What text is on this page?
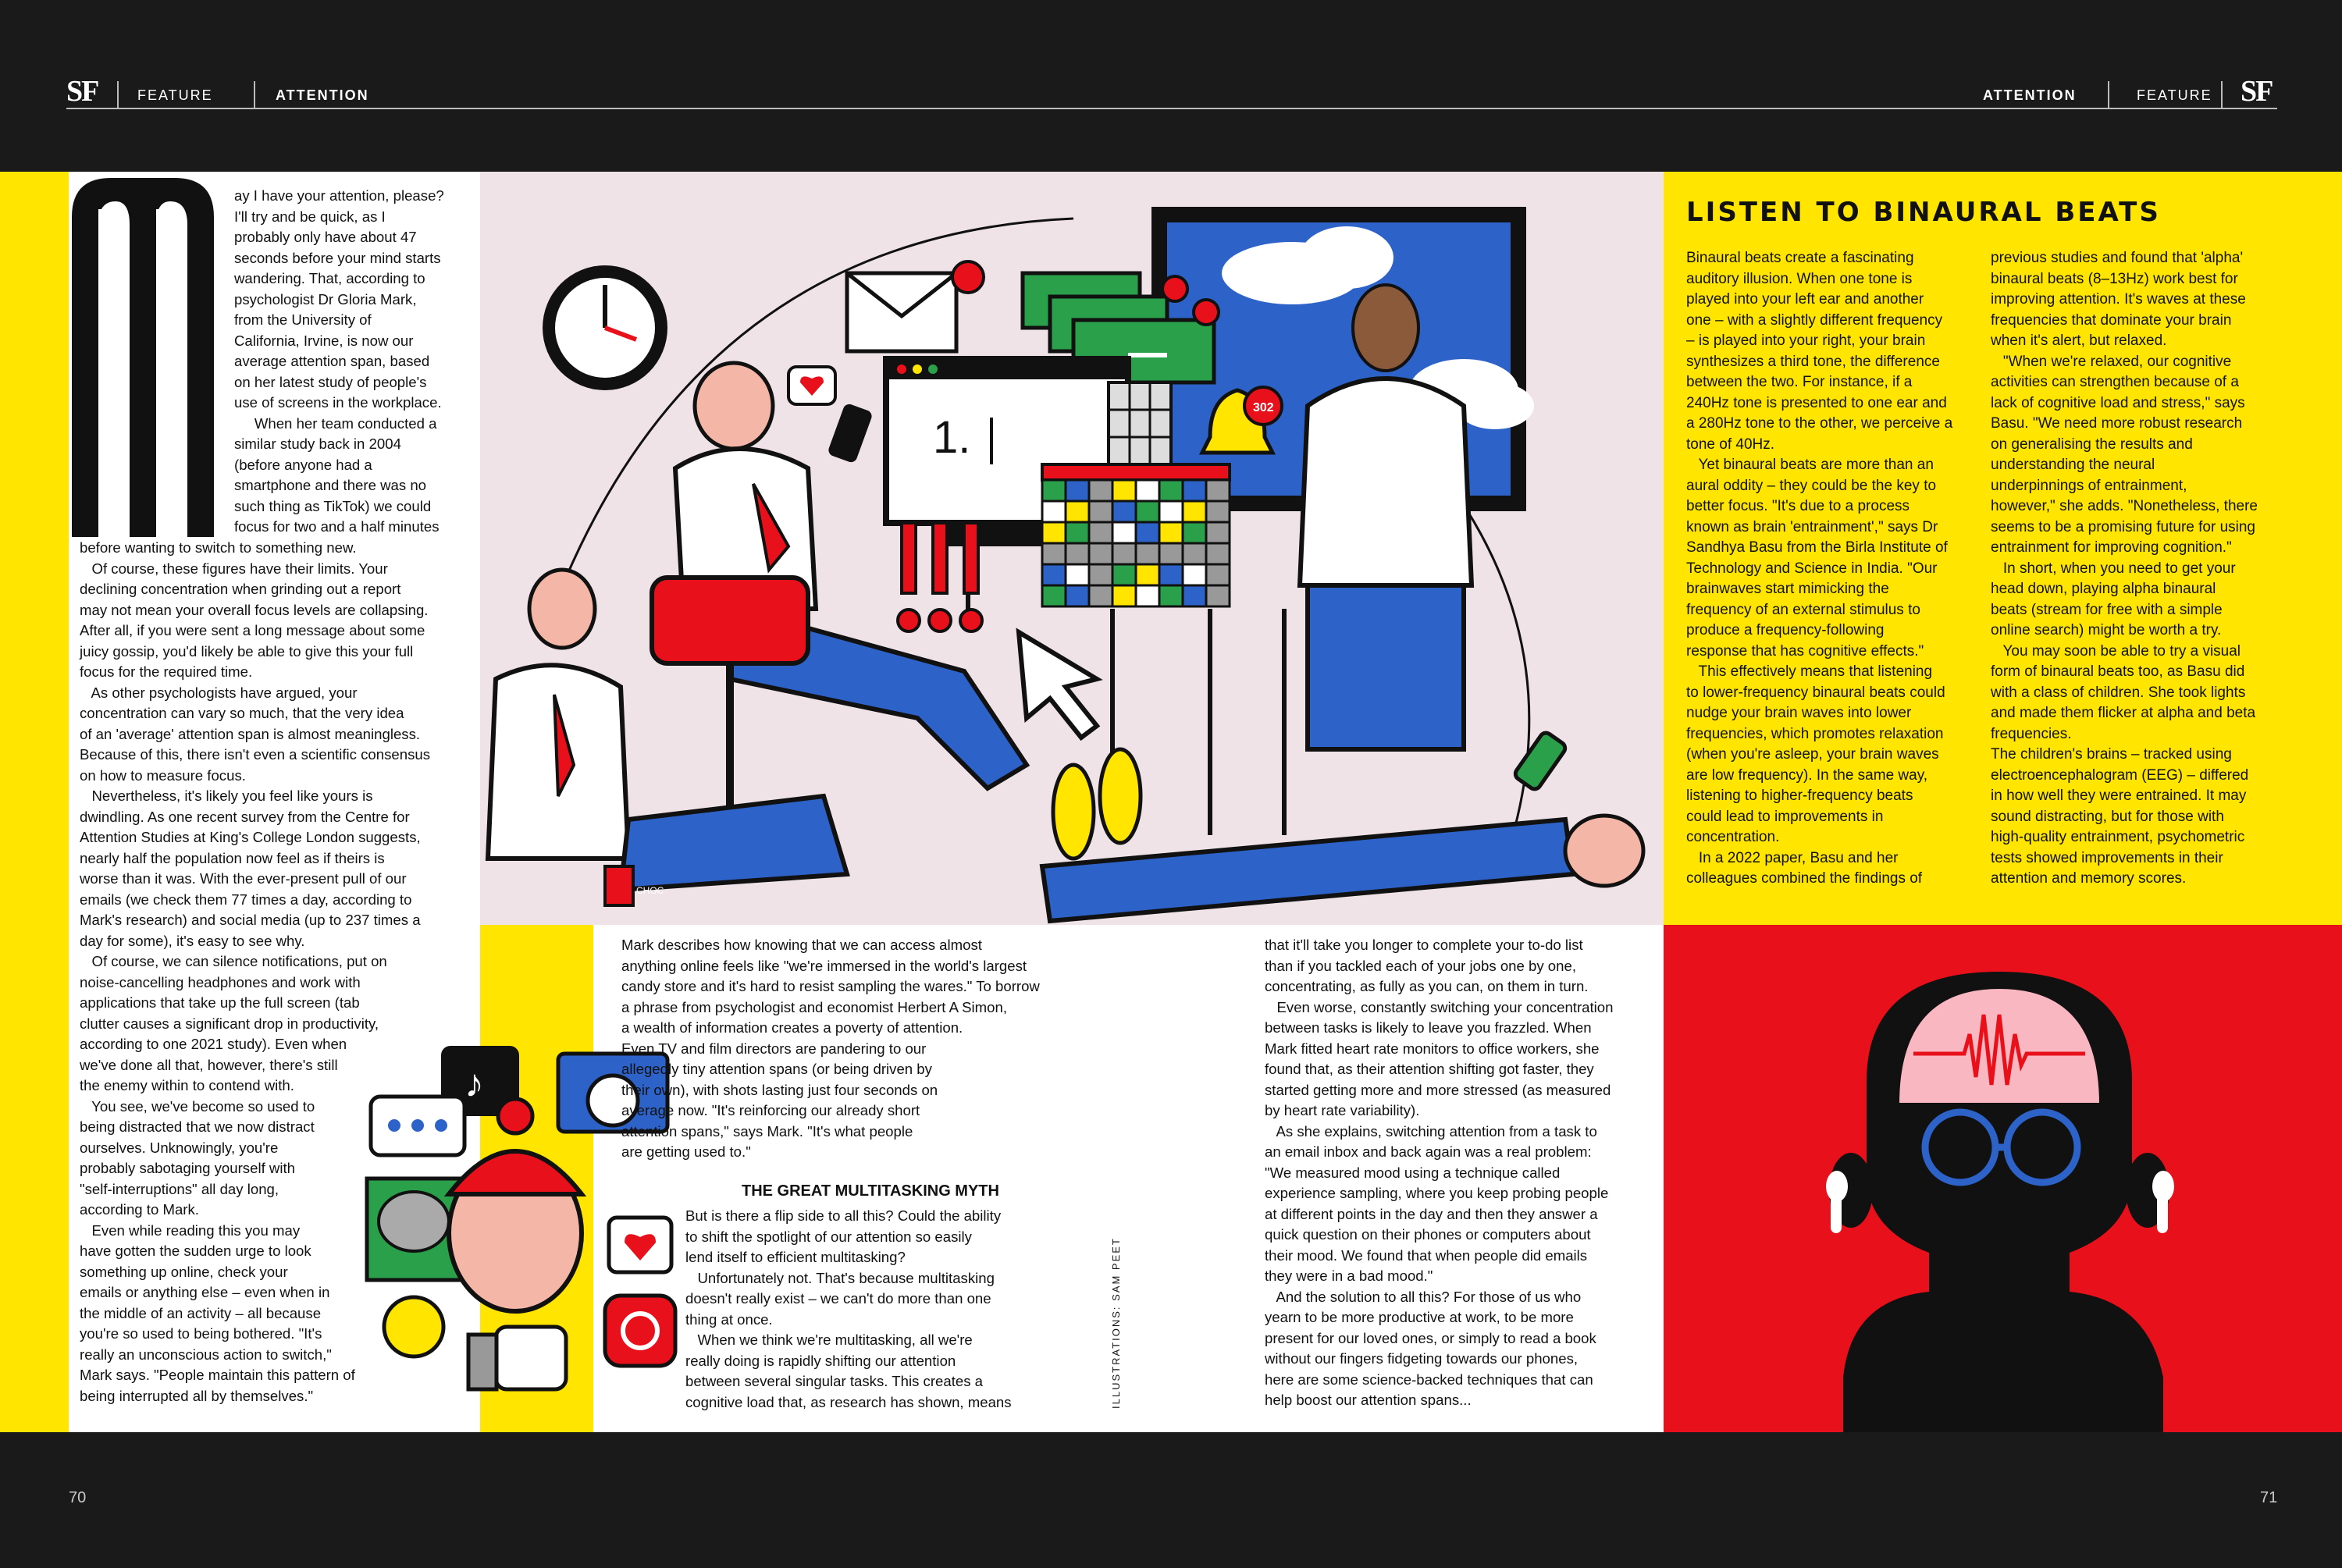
SF	FEATURE	ATTENTION	ATTENTION	FEATURE SF
M
ay I have your attention, please?
I'll try and be quick, as I
probably only have about 47
seconds before your mind starts
wandering. That, according to
psychologist Dr Gloria Mark,
from the University of
California, Irvine, is now our
average attention span, based
on her latest study of people's
use of screens in the workplace.
When her team conducted a
similar study back in 2004
(before anyone had a
smartphone and there was no
such thing as TikTok) we could
focus for two and a half minutes
before wanting to switch to something new.
Of course, these figures have their limits. Your
declining concentration when grinding out a report
may not mean your overall focus levels are collapsing.
After all, if you were sent a long message about some
juicy gossip, you'd likely be able to give this your full
focus for the required time.
As other psychologists have argued, your
concentration can vary so much, that the very idea
of an 'average' attention span is almost meaningless.
Because of this, there isn't even a scientific consensus
on how to measure focus.
Nevertheless, it's likely you feel like yours is
dwindling. As one recent survey from the Centre for
Attention Studies at King's College London suggests,
nearly half the population now feel as if theirs is
worse than it was. With the ever-present pull of our
emails (we check them 77 times a day, according to
Mark's research) and social media (up to 237 times a
day for some), it's easy to see why.
Of course, we can silence notifications, put on
noise-cancelling headphones and work with
applications that take up the full screen (tab
clutter causes a significant drop in productivity,
according to one 2021 study). Even when
we've done all that, however, there's still
the enemy within to contend with.
You see, we've become so used to
being distracted that we now distract
ourselves. Unknowingly, you're
probably sabotaging yourself with
"self-interruptions" all day long,
according to Mark.
Even while reading this you may
have gotten the sudden urge to look
something up online, check your
emails or anything else – even when in
the middle of an activity – all because
you're so used to being bothered. "It's
really an unconscious action to switch,"
Mark says. "People maintain this pattern of
being interrupted all by themselves."
1.
302
CHOC
LISTEN TO BINAURAL BEATS
Binaural beats create a fascinating
auditory illusion. When one tone is
played into your left ear and another
one – with a slightly different frequency
– is played into your right, your brain
synthesizes a third tone, the difference
between the two. For instance, if a
240Hz tone is presented to one ear and
a 280Hz tone to the other, we perceive a
tone of 40Hz.
Yet binaural beats are more than an
aural oddity – they could be the key to
better focus. "It's due to a process
known as brain 'entrainment'," says Dr
Sandhya Basu from the Birla Institute of
Technology and Science in India. "Our
brainwaves start mimicking the
frequency of an external stimulus to
produce a frequency-following
response that has cognitive effects."
This effectively means that listening
to lower-frequency binaural beats could
nudge your brain waves into lower
frequencies, which promotes relaxation
(when you're asleep, your brain waves
are low frequency). In the same way,
listening to higher-frequency beats
could lead to improvements in
concentration.
In a 2022 paper, Basu and her
colleagues combined the findings of
previous studies and found that 'alpha'
binaural beats (8–13Hz) work best for
improving attention. It's waves at these
frequencies that dominate your brain
when it's alert, but relaxed.
"When we're relaxed, our cognitive
activities can strengthen because of a
lack of cognitive load and stress," says
Basu. "We need more robust research
on generalising the results and
understanding the neural
underpinnings of entrainment,
however," she adds. "Nonetheless, there
seems to be a promising future for using
entrainment for improving cognition."
In short, when you need to get your
head down, playing alpha binaural
beats (stream for free with a simple
online search) might be worth a try.
You may soon be able to try a visual
form of binaural beats too, as Basu did
with a class of children. She took lights
and made them flicker at alpha and beta
frequencies.
The children's brains – tracked using
electroencephalogram (EEG) – differed
in how well they were entrained. It may
sound distracting, but for those with
high-quality entrainment, psychometric
tests showed improvements in their
attention and memory scores.
♪
Mark describes how knowing that we can access almost
anything online feels like "we're immersed in the world's largest
candy store and it's hard to resist sampling the wares." To borrow
a phrase from psychologist and economist Herbert A Simon,
a wealth of information creates a poverty of attention.
Even TV and film directors are pandering to our
allegedly tiny attention spans (or being driven by
their own), with shots lasting just four seconds on
average now. "It's reinforcing our already short
attention spans," says Mark. "It's what people
are getting used to."
THE GREAT MULTITASKING MYTH
But is there a flip side to all this? Could the ability
to shift the spotlight of our attention so easily
lend itself to efficient multitasking?
Unfortunately not. That's because multitasking
doesn't really exist – we can't do more than one
thing at once.
When we think we're multitasking, all we're
really doing is rapidly shifting our attention
between several singular tasks. This creates a
cognitive load that, as research has shown, means	ILLUSTRATIONS: SAM PEET
that it'll take you longer to complete your to-do list
than if you tackled each of your jobs one by one,
concentrating, as fully as you can, on them in turn.
Even worse, constantly switching your concentration
between tasks is likely to leave you frazzled. When
Mark fitted heart rate monitors to office workers, she
found that, as their attention shifting got faster, they
started getting more and more stressed (as measured
by heart rate variability).
As she explains, switching attention from a task to
an email inbox and back again was a real problem:
"We measured mood using a technique called
experience sampling, where you keep probing people
at different points in the day and then they answer a
quick question on their phones or computers about
their mood. We found that when people did emails
they were in a bad mood."
And the solution to all this? For those of us who
yearn to be more productive at work, to be more
present for our loved ones, or simply to read a book
without our fingers fidgeting towards our phones,
here are some science-backed techniques that can
help boost our attention spans...
70	71
